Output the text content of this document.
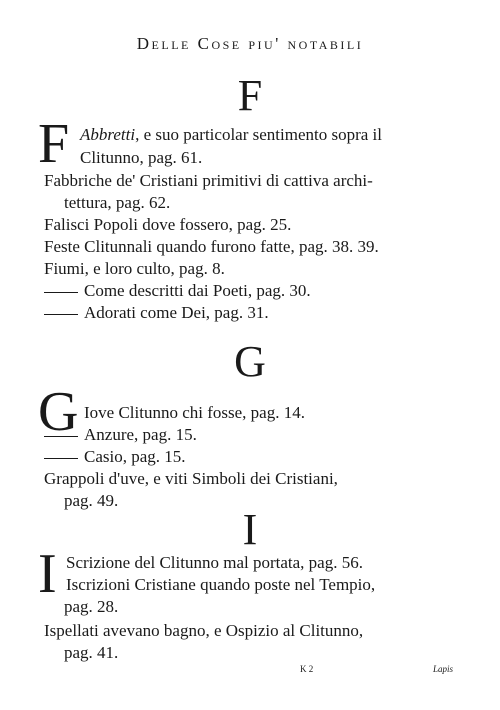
Delle Cose piu' notabili
F
F Abbretti, e suo particolar sentimento sopra il
Clitunno, pag. 61.
Fabbriche de' Cristiani primitivi di cattiva archi-
tettura, pag. 62.
Falisci Popoli dove fossero, pag. 25.
Feste Clitunnali quando furono fatte, pag. 38. 39.
Fiumi, e loro culto, pag. 8.
Come descritti dai Poeti, pag. 30.
Adorati come Dei, pag. 31.
G
G Iove Clitunno chi fosse, pag. 14.
Anzure, pag. 15.
Casio, pag. 15.
Grappoli d'uve, e viti Simboli dei Cristiani,
pag. 49.
I
I Scrizione del Clitunno mal portata, pag. 56.
Iscrizioni Cristiane quando poste nel Tempio,
pag. 28.
Ispellati avevano bagno, e Ospizio al Clitunno,
pag. 41.
K 2	Lapis
